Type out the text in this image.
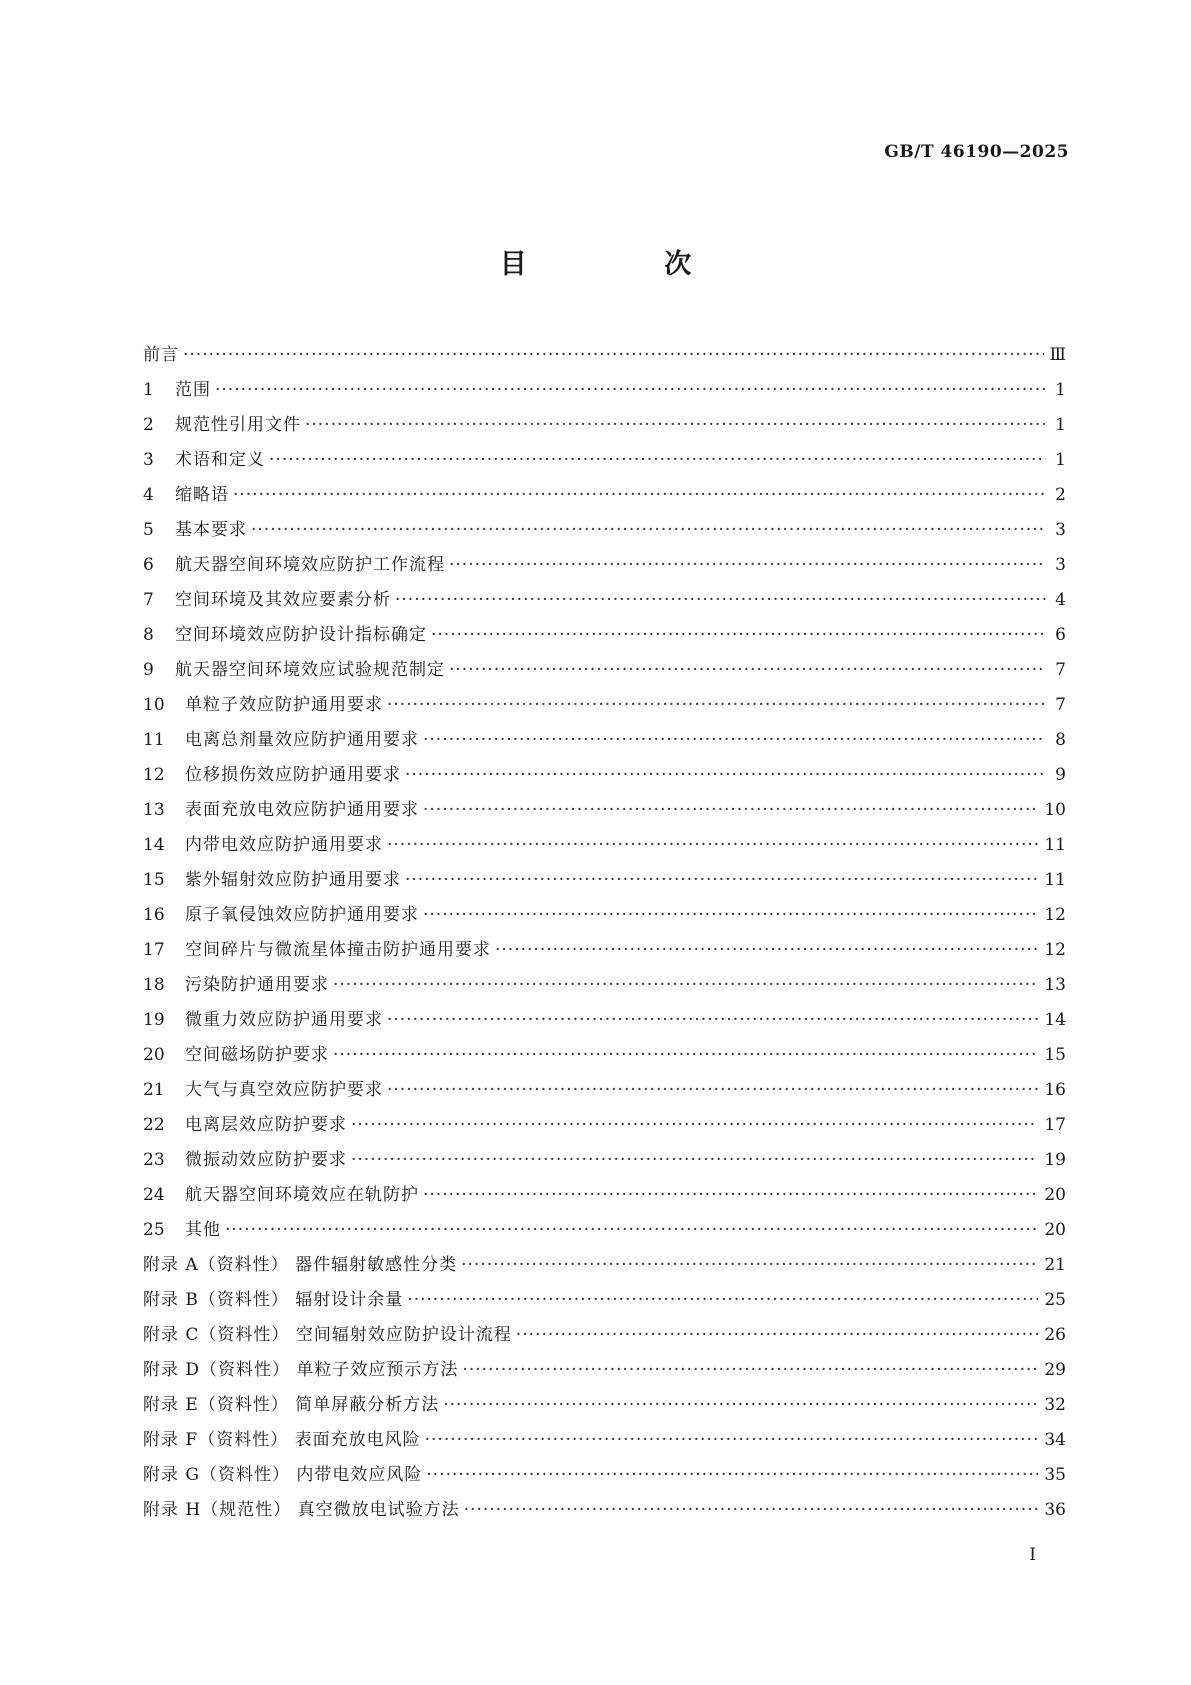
GB/T 46190—2025
目 次
前言 ·····	Ⅲ
1	范围 ·····	1
2	规范性引用文件 ·····	1
3	术语和定义 ·····	1
4	缩略语 ·····	2
5	基本要求 ·····	3
6	航天器空间环境效应防护工作流程 ·····	3
7	空间环境及其效应要素分析 ·····	4
8	空间环境效应防护设计指标确定 ·····	6
9	航天器空间环境效应试验规范制定 ·····	7
10	单粒子效应防护通用要求 ·····	7
11	电离总剂量效应防护通用要求 ·····	8
12	位移损伤效应防护通用要求 ·····	9
13	表面充放电效应防护通用要求 ·····	10
14	内带电效应防护通用要求 ·····	11
15	紫外辐射效应防护通用要求 ·····	11
16	原子氧侵蚀效应防护通用要求 ·····	12
17	空间碎片与微流星体撞击防护通用要求 ·····	12
18	污染防护通用要求 ·····	13
19	微重力效应防护通用要求 ·····	14
20	空间磁场防护要求 ·····	15
21	大气与真空效应防护要求 ·····	16
22	电离层效应防护要求 ·····	17
23	微振动效应防护要求 ·····	19
24	航天器空间环境效应在轨防护 ·····	20
25	其他 ·····	20
附录 A（资料性） 器件辐射敏感性分类 ·····	21
附录 B（资料性） 辐射设计余量 ·····	25
附录 C（资料性） 空间辐射效应防护设计流程 ·····	26
附录 D（资料性） 单粒子效应预示方法 ·····	29
附录 E（资料性） 简单屏蔽分析方法 ·····	32
附录 F（资料性） 表面充放电风险 ·····	34
附录 G（资料性） 内带电效应风险 ·····	35
附录 H（规范性） 真空微放电试验方法 ·····	36
I
